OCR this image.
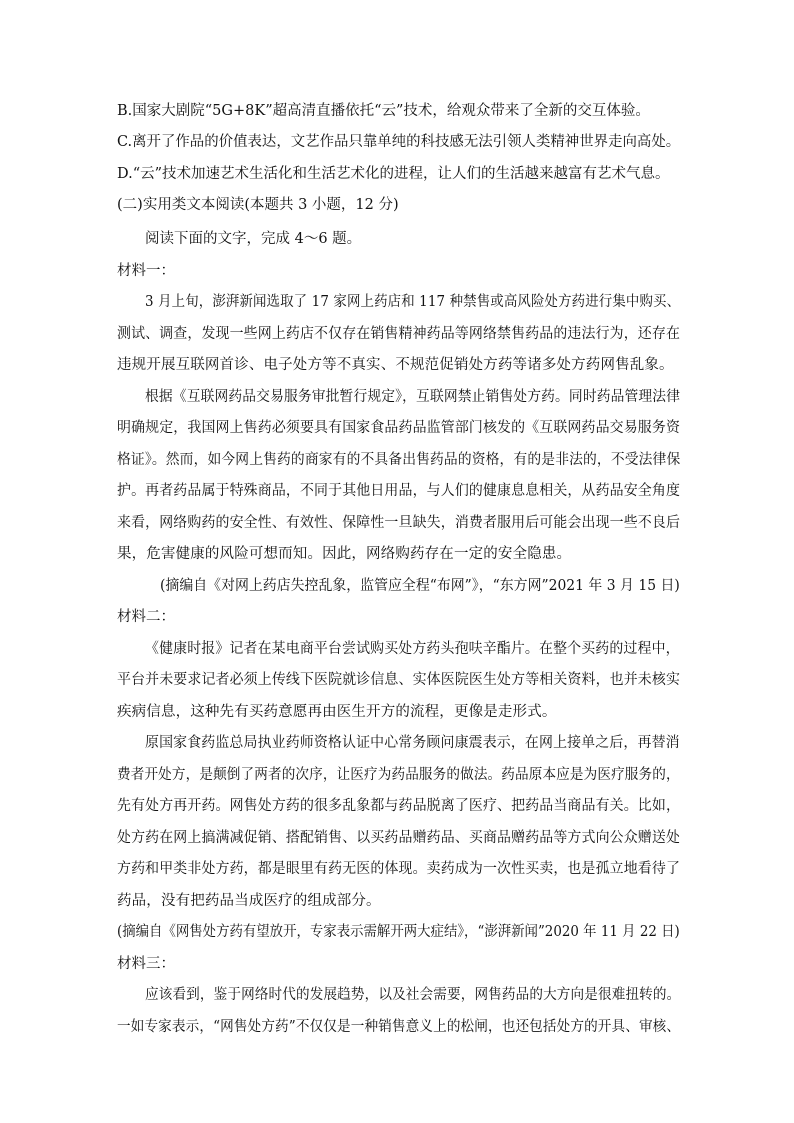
B.国家大剧院“5G+8K”超高清直播依托“云”技术，给观众带来了全新的交互体验。
C.离开了作品的价值表达，文艺作品只靠单纯的科技感无法引领人类精神世界走向高处。
D.“云”技术加速艺术生活化和生活艺术化的进程，让人们的生活越来越富有艺术气息。
(二)实用类文本阅读(本题共 3 小题，12 分)
阅读下面的文字，完成 4～6 题。
材料一：
3 月上旬，澎湃新闻选取了 17 家网上药店和 117 种禁售或高风险处方药进行集中购买、
测试、调查，发现一些网上药店不仅存在销售精神药品等网络禁售药品的违法行为，还存在
违规开展互联网首诊、电子处方等不真实、不规范促销处方药等诸多处方药网售乱象。
根据《互联网药品交易服务审批暂行规定》，互联网禁止销售处方药。同时药品管理法律
明确规定，我国网上售药必须要具有国家食品药品监管部门核发的《互联网药品交易服务资
格证》。然而，如今网上售药的商家有的不具备出售药品的资格，有的是非法的，不受法律保
护。再者药品属于特殊商品，不同于其他日用品，与人们的健康息息相关，从药品安全角度
来看，网络购药的安全性、有效性、保障性一旦缺失，消费者服用后可能会出现一些不良后
果，危害健康的风险可想而知。因此，网络购药存在一定的安全隐患。
(摘编自《对网上药店失控乱象，监管应全程“布网”》，“东方网”2021 年 3 月 15 日)
材料二：
《健康时报》记者在某电商平台尝试购买处方药头孢呋辛酯片。在整个买药的过程中，
平台并未要求记者必须上传线下医院就诊信息、实体医院医生处方等相关资料，也并未核实
疾病信息，这种先有买药意愿再由医生开方的流程，更像是走形式。
原国家食药监总局执业药师资格认证中心常务顾问康震表示，在网上接单之后，再替消
费者开处方，是颠倒了两者的次序，让医疗为药品服务的做法。药品原本应是为医疗服务的，
先有处方再开药。网售处方药的很多乱象都与药品脱离了医疗、把药品当商品有关。比如，
处方药在网上搞满减促销、搭配销售、以买药品赠药品、买商品赠药品等方式向公众赠送处
方药和甲类非处方药，都是眼里有药无医的体现。卖药成为一次性买卖，也是孤立地看待了
药品，没有把药品当成医疗的组成部分。
(摘编自《网售处方药有望放开，专家表示需解开两大症结》，“澎湃新闻”2020 年 11 月 22 日)
材料三：
应该看到，鉴于网络时代的发展趋势，以及社会需要，网售药品的大方向是很难扭转的。
一如专家表示，“网售处方药”不仅仅是一种销售意义上的松闸，也还包括处方的开具、审核、
